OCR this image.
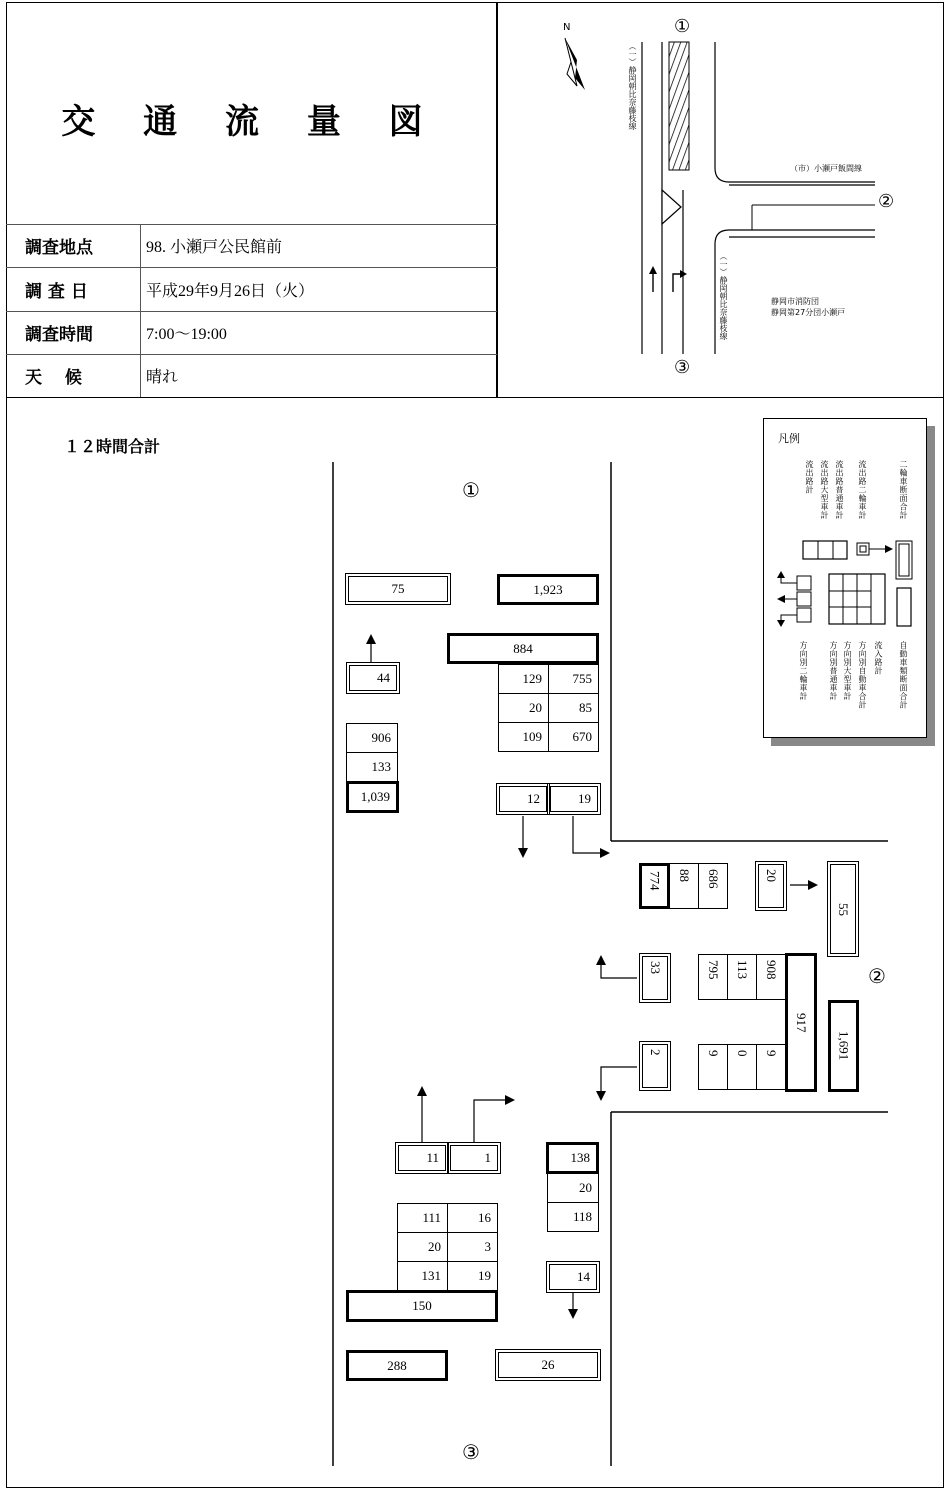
交 通 流 量 図
調査地点	98. 小瀬戸公民館前
調 査 日	平成29年9月26日（火）
調査時間	7:00〜19:00
天　 候	晴れ
N	①
②
③
（一）静岡朝比奈藤枝線
（一）静岡朝比奈藤枝線
（市）小瀬戸飯間線
静岡市消防団
静岡第27分団小瀬戸
１２時間合計	凡例
流出路計 流出路大型車計 流出路普通車計 流出路二輪車計	二輪車断面合計
方向別二輪車計	方向別普通車計 方向別大型車計 方向別自動車合計 流入路計 自動車類断面合計
①
②
③
75	1,923
884
129	755
20	85
109	670
44
906
133
1,039	12	19
774	88	686	20
55
33	795	113	908
917
1,691
2	9	0	9
11	1	138
20
118
111	16
20	3
131	19
150
14
288	26
